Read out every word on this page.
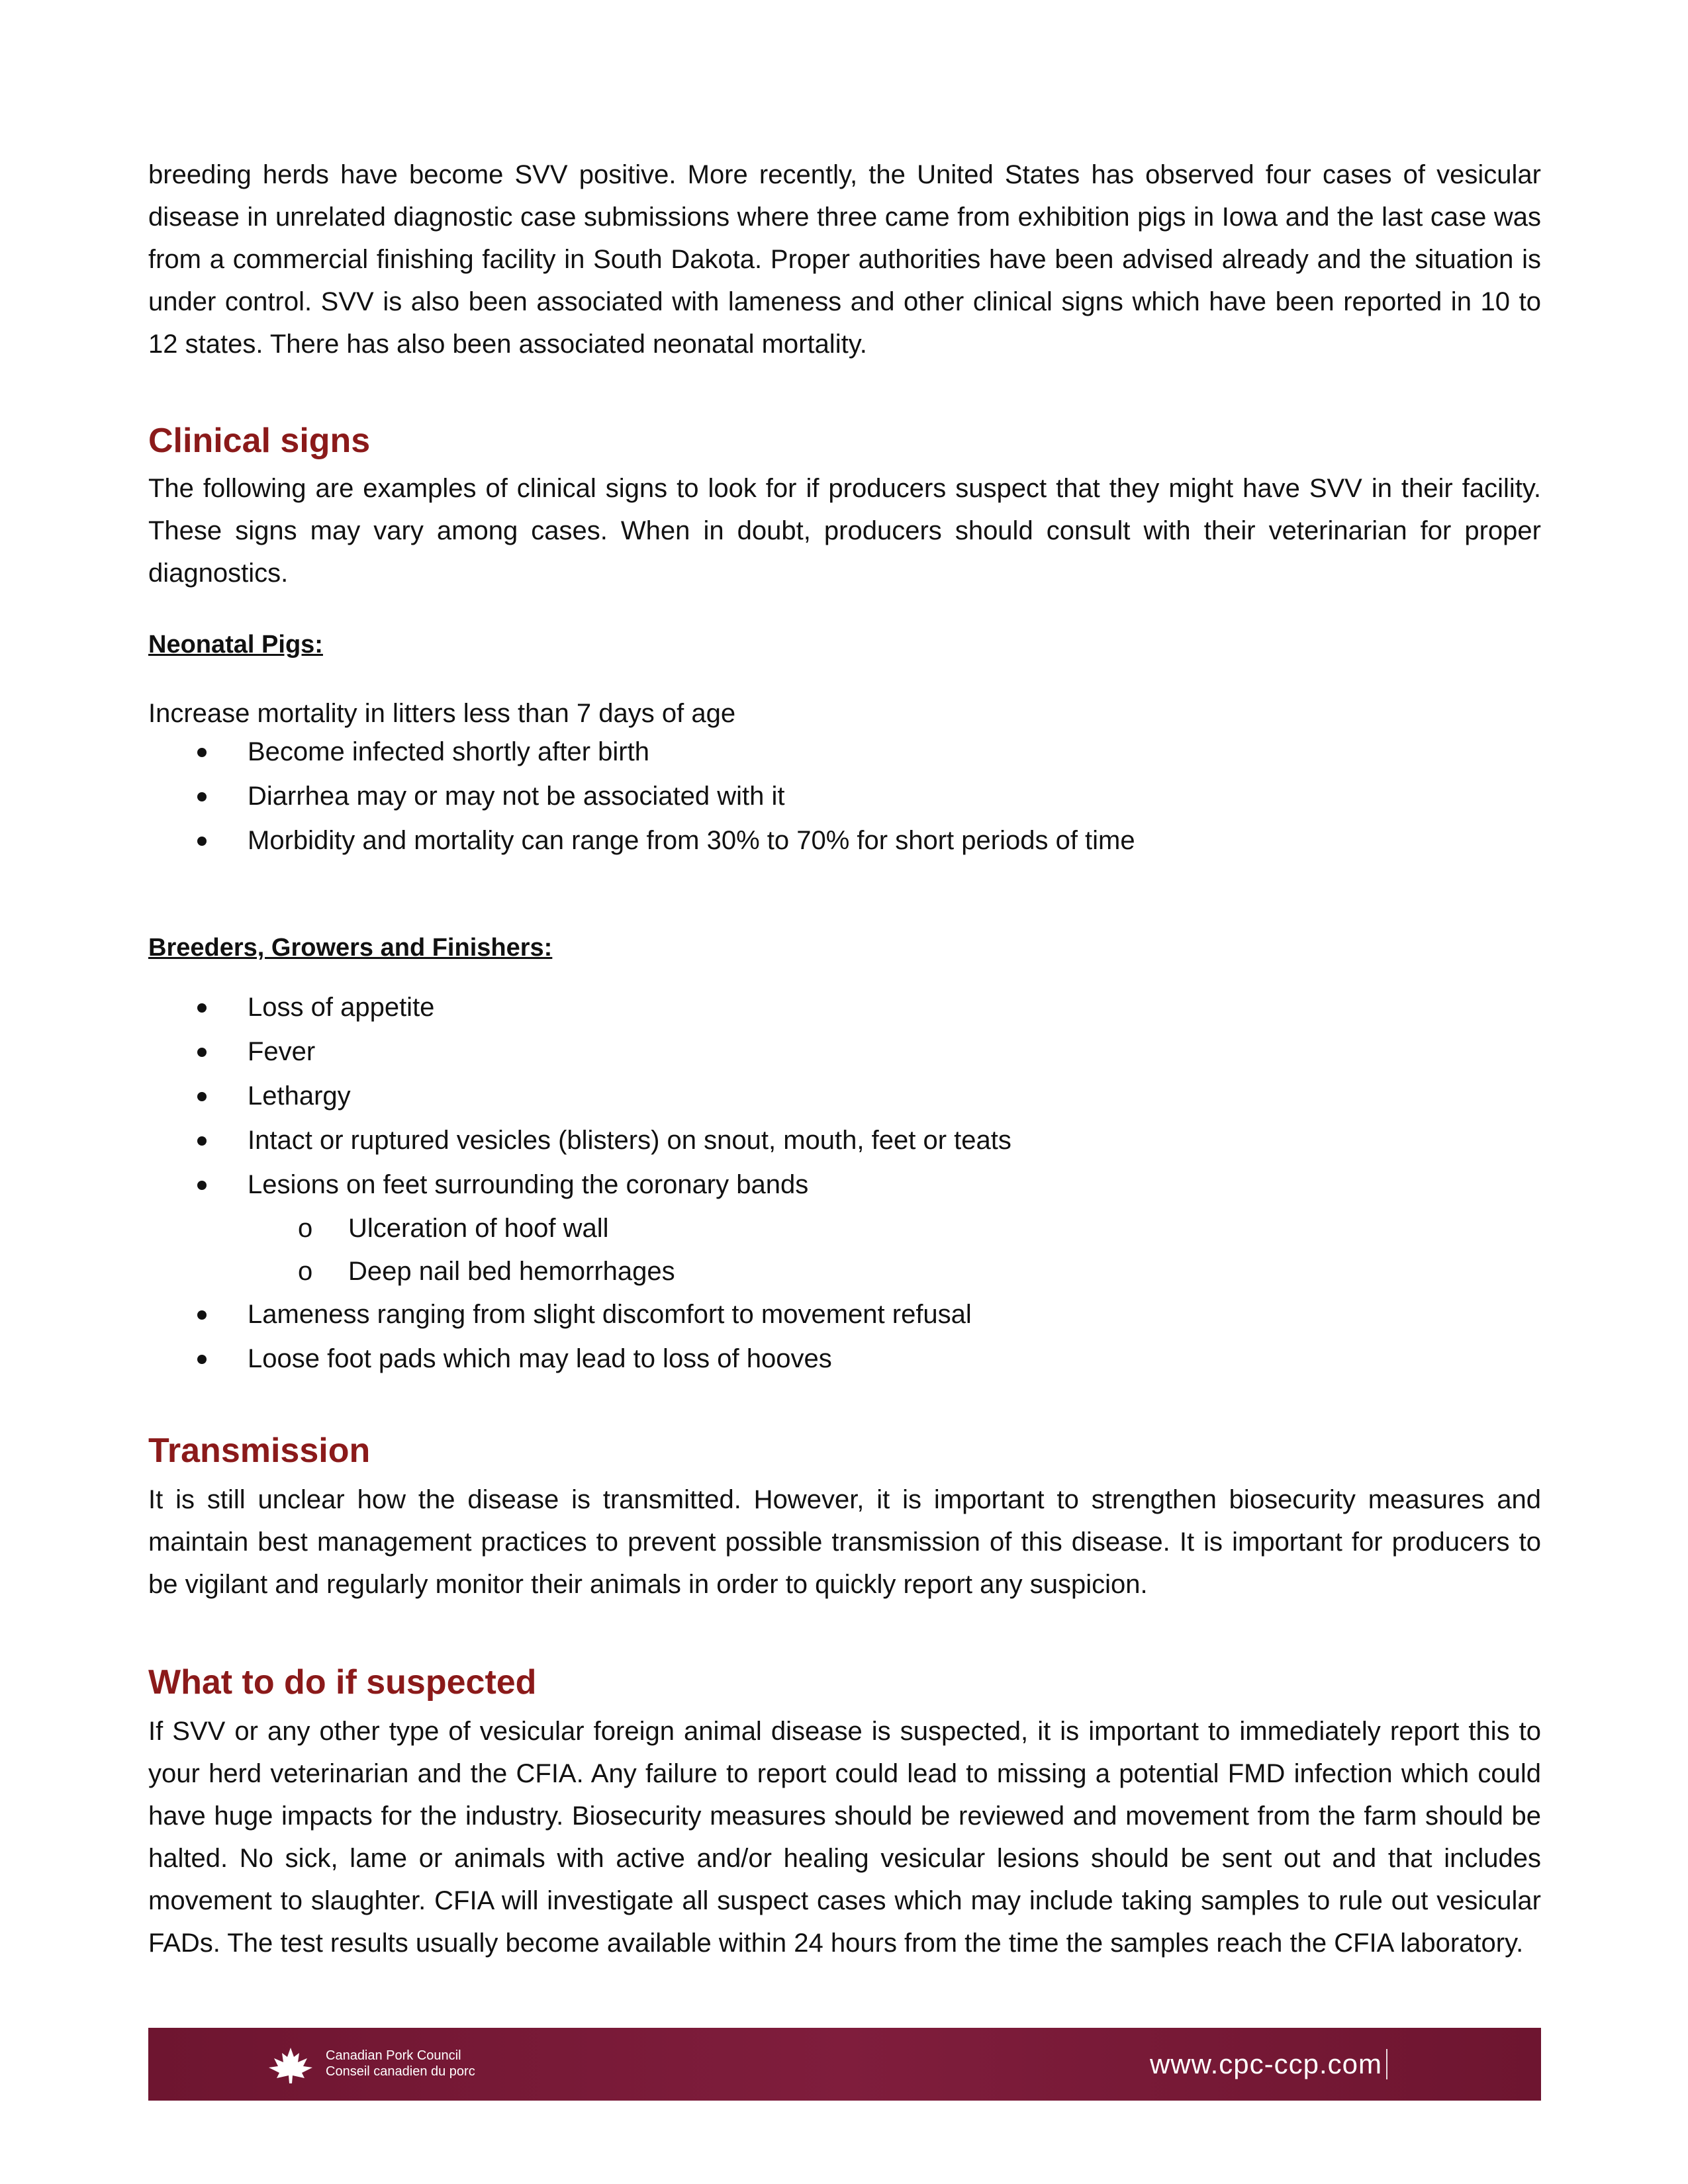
breeding herds have become SVV positive. More recently, the United States has observed four cases of vesicular disease in unrelated diagnostic case submissions where three came from exhibition pigs in Iowa and the last case was from a commercial finishing facility in South Dakota. Proper authorities have been advised already and the situation is under control. SVV is also been associated with lameness and other clinical signs which have been reported in 10 to 12 states. There has also been associated neonatal mortality.

Clinical signs

The following are examples of clinical signs to look for if producers suspect that they might have SVV in their facility. These signs may vary among cases. When in doubt, producers should consult with their veterinarian for proper diagnostics.

Neonatal Pigs:
Increase mortality in litters less than 7 days of age
Become infected shortly after birth
Diarrhea may or may not be associated with it
Morbidity and mortality can range from 30% to 70% for short periods of time
Breeders, Growers and Finishers:
Loss of appetite
Fever
Lethargy
Intact or ruptured vesicles (blisters) on snout, mouth, feet or teats
Lesions on feet surrounding the coronary bands
o Ulceration of hoof wall
o Deep nail bed hemorrhages
Lameness ranging from slight discomfort to movement refusal
Loose foot pads which may lead to loss of hooves
Transmission

It is still unclear how the disease is transmitted. However, it is important to strengthen biosecurity measures and maintain best management practices to prevent possible transmission of this disease. It is important for producers to be vigilant and regularly monitor their animals in order to quickly report any suspicion.

What to do if suspected

If SVV or any other type of vesicular foreign animal disease is suspected, it is important to immediately report this to your herd veterinarian and the CFIA. Any failure to report could lead to missing a potential FMD infection which could have huge impacts for the industry. Biosecurity measures should be reviewed and movement from the farm should be halted. No sick, lame or animals with active and/or healing vesicular lesions should be sent out and that includes movement to slaughter. CFIA will investigate all suspect cases which may include taking samples to rule out vesicular FADs. The test results usually become available within 24 hours from the time the samples reach the CFIA laboratory.

Canadian Pork Council
Conseil canadien du porc	www.cpc-ccp.com
